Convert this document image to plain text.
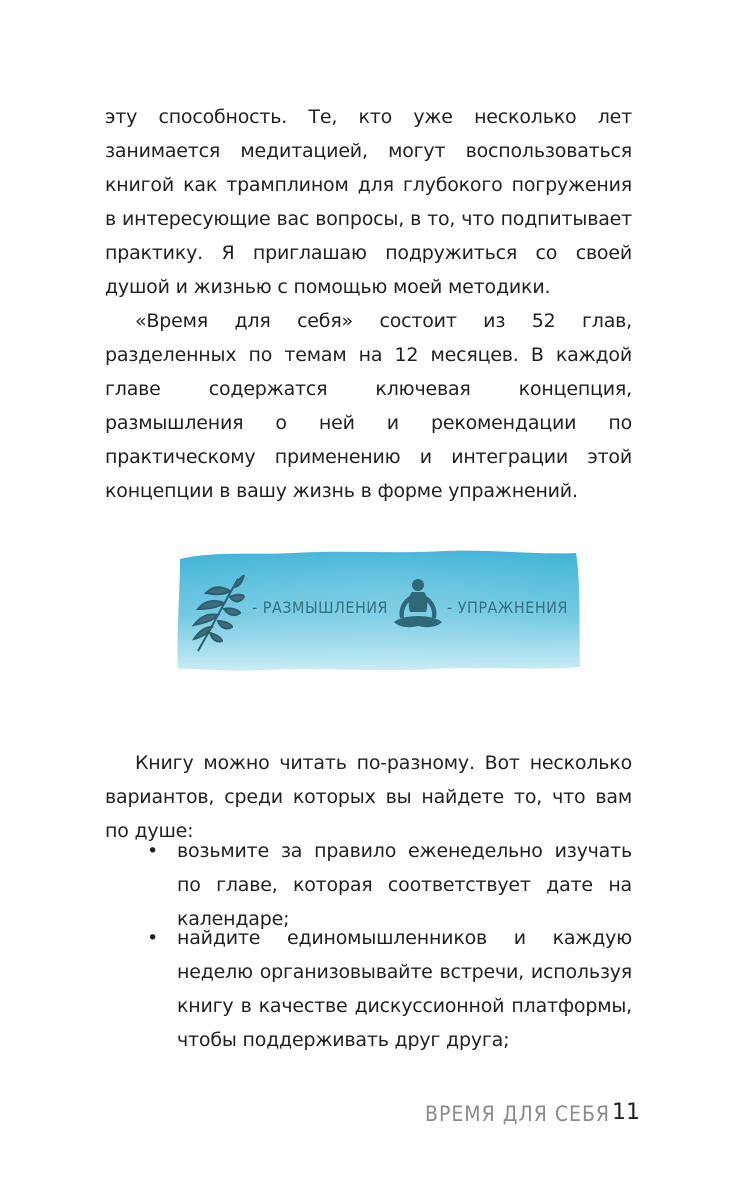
эту способность. Те, кто уже несколько лет занимается медитацией, могут воспользоваться книгой как трамплином для глубокого погружения в интересующие вас вопросы, в то, что подпитывает практику. Я приглашаю подружиться со своей душой и жизнью с помощью моей методики.

«Время для себя» состоит из 52 глав, разделенных по темам на 12 месяцев. В каждой главе содержатся ключевая концепция, размышления о ней и рекомендации по практическому применению и интеграции этой концепции в вашу жизнь в форме упражнений.

- РАЗМЫШЛЕНИЯ	- УПРАЖНЕНИЯ

Книгу можно читать по-разному. Вот несколько вариантов, среди которых вы найдете то, что вам по душе:

• возьмите за правило еженедельно изучать по главе, которая соответствует дате на календаре;
• найдите единомышленников и каждую неделю организовывайте встречи, используя книгу в качестве дискуссионной платформы, чтобы поддерживать друг друга;
ВРЕМЯ ДЛЯ СЕБЯ 11
